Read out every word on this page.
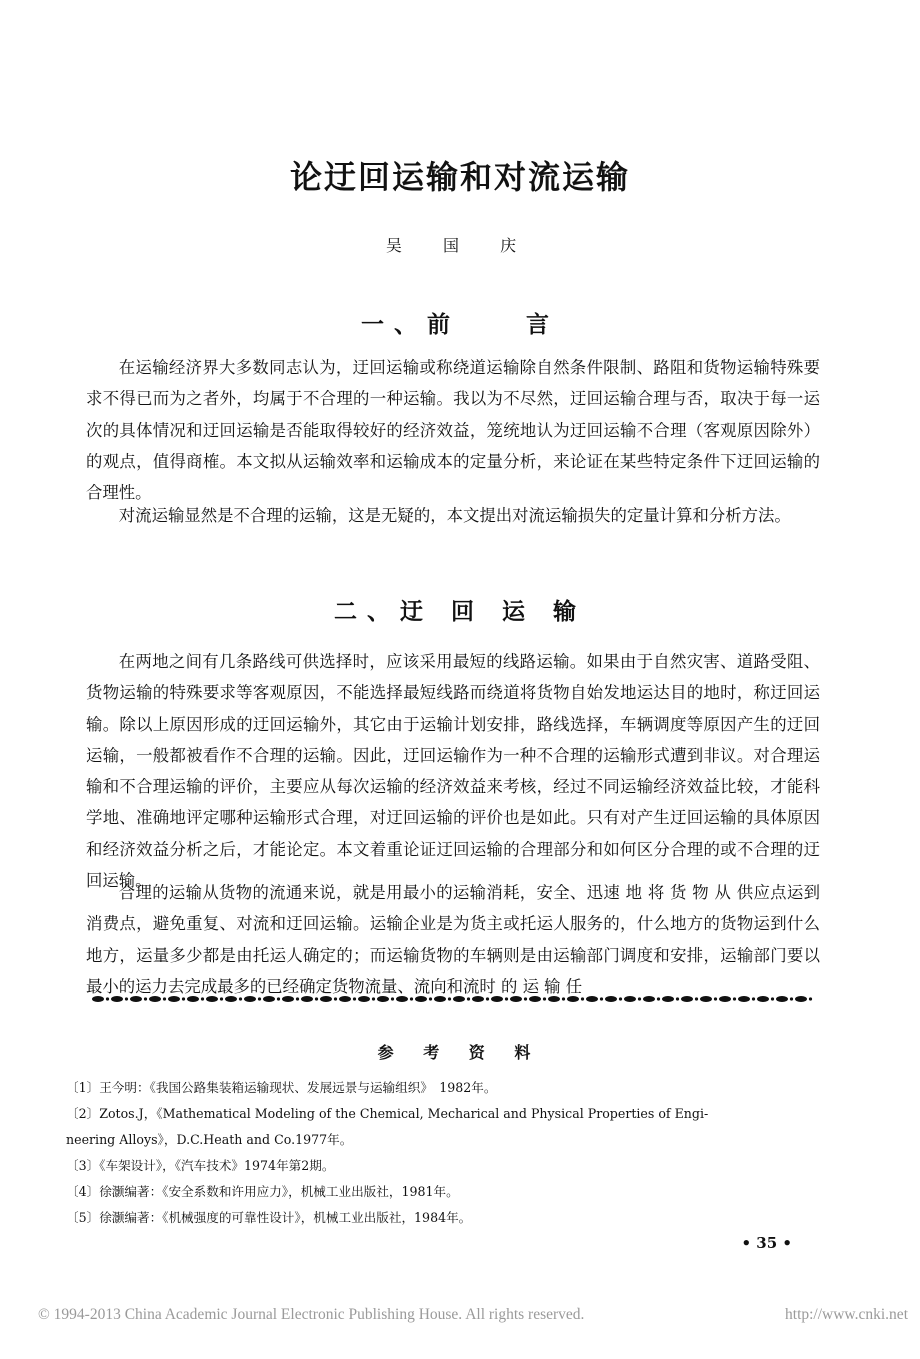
论迂回运输和对流运输
吴 国 庆
一、前　　言

在运输经济界大多数同志认为，迂回运输或称绕道运输除自然条件限制、路阻和货物运输特殊要求不得已而为之者外，均属于不合理的一种运输。我以为不尽然，迂回运输合理与否，取决于每一运次的具体情况和迂回运输是否能取得较好的经济效益，笼统地认为迂回运输不合理（客观原因除外）的观点，值得商榷。本文拟从运输效率和运输成本的定量分析，来论证在某些特定条件下迂回运输的合理性。

对流运输显然是不合理的运输，这是无疑的，本文提出对流运输损失的定量计算和分析方法。

二、迂 回 运 输

在两地之间有几条路线可供选择时，应该采用最短的线路运输。如果由于自然灾害、道路受阻、货物运输的特殊要求等客观原因，不能选择最短线路而绕道将货物自始发地运达目的地时，称迂回运输。除以上原因形成的迂回运输外，其它由于运输计划安排，路线选择，车辆调度等原因产生的迂回运输，一般都被看作不合理的运输。因此，迂回运输作为一种不合理的运输形式遭到非议。对合理运输和不合理运输的评价，主要应从每次运输的经济效益来考核，经过不同运输经济效益比较，才能科学地、准确地评定哪种运输形式合理，对迂回运输的评价也是如此。只有对产生迂回运输的具体原因和经济效益分析之后，才能论定。本文着重论证迂回运输的合理部分和如何区分合理的或不合理的迂回运输。

合理的运输从货物的流通来说，就是用最小的运输消耗，安全、迅速 地 将 货 物 从 供应点运到消费点，避免重复、对流和迂回运输。运输企业是为货主或托运人服务的，什么地方的货物运到什么地方，运量多少都是由托运人确定的；而运输货物的车辆则是由运输部门调度和安排，运输部门要以最小的运力去完成最多的已经确定货物流量、流向和流时 的 运 输 任

参 考 资 料

〔1〕王今明：《我国公路集装箱运输现状、发展远景与运输组织》　1982年。

〔2〕Zotos.J，《Mathematical Modeling of the Chemical, Mecharical and Physical Properties of Engi-

neering Alloys》，D.C.Heath and Co.1977年。

〔3〕《车架设计》，《汽车技术》1974年第2期。

〔4〕徐灏编著：《安全系数和许用应力》，机械工业出版社，1981年。

〔5〕徐灏编著：《机械强度的可靠性设计》，机械工业出版社，1984年。

• 35 •
© 1994-2013 China Academic Journal Electronic Publishing House. All rights reserved.	http://www.cnki.net
